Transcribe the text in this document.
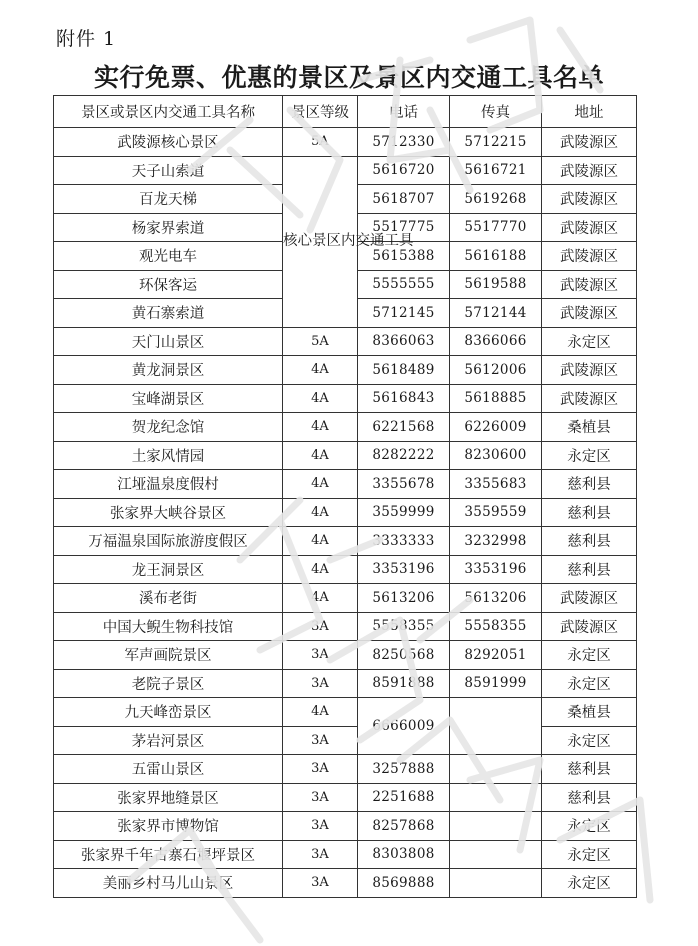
附件 1
实行免票、优惠的景区及景区内交通工具名单
景区或景区内交通工具名称	景区等级	电话	传真	地址
武陵源核心景区	5A	5712330	5712215	武陵源区
天子山索道	核心景区内交通工具	5616720	5616721	武陵源区
百龙天梯		5618707	5619268	武陵源区
杨家界索道		5517775	5517770	武陵源区
观光电车		5615388	5616188	武陵源区
环保客运		5555555	5619588	武陵源区
黄石寨索道		5712145	5712144	武陵源区
天门山景区	5A	8366063	8366066	永定区
黄龙洞景区	4A	5618489	5612006	武陵源区
宝峰湖景区	4A	5616843	5618885	武陵源区
贺龙纪念馆	4A	6221568	6226009	桑植县
土家风情园	4A	8282222	8230600	永定区
江垭温泉度假村	4A	3355678	3355683	慈利县
张家界大峡谷景区	4A	3559999	3559559	慈利县
万福温泉国际旅游度假区	4A	3333333	3232998	慈利县
龙王洞景区	4A	3353196	3353196	慈利县
溪布老街	4A	5613206	5613206	武陵源区
中国大鲵生物科技馆	3A	5558355	5558355	武陵源区
军声画院景区	3A	8250568	8292051	永定区
老院子景区	3A	8591888	8591999	永定区
九天峰峦景区	4A	6666009		桑植县
茅岩河景区	3A			永定区
五雷山景区	3A	3257888		慈利县
张家界地缝景区	3A	2251688		慈利县
张家界市博物馆	3A	8257868		永定区
张家界千年古寨石堰坪景区	3A	8303808		永定区
美丽乡村马儿山景区	3A	8569888		永定区
